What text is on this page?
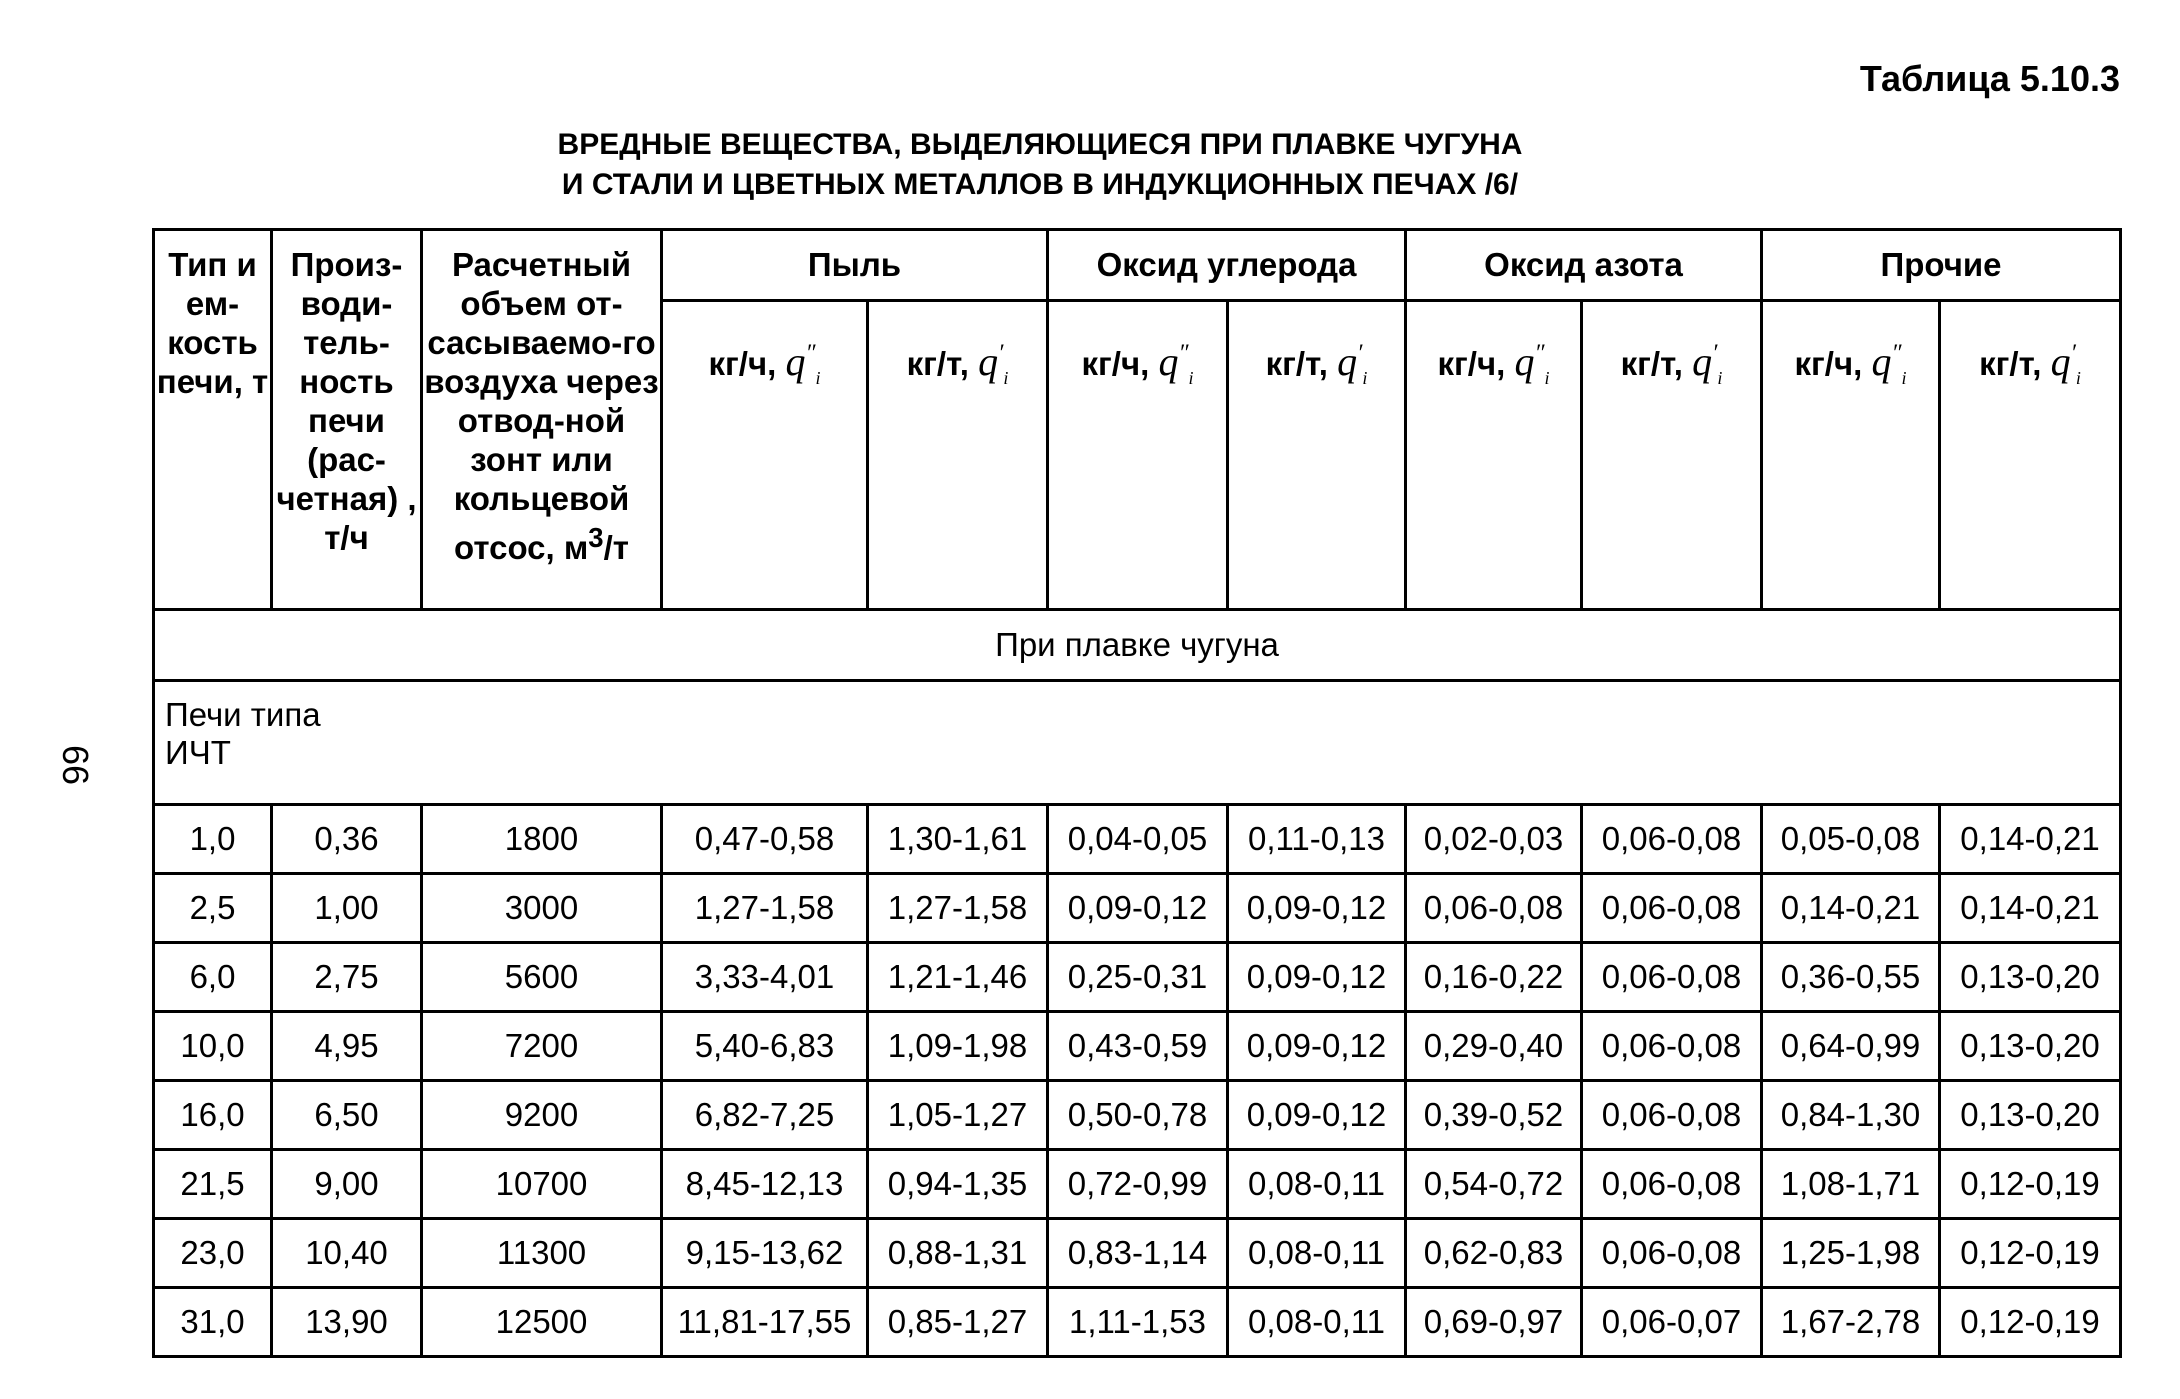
66
Таблица 5.10.3
ВРЕДНЫЕ ВЕЩЕСТВА, ВЫДЕЛЯЮЩИЕСЯ ПРИ ПЛАВКЕ ЧУГУНА
И СТАЛИ И ЦВЕТНЫХ МЕТАЛЛОВ В ИНДУКЦИОННЫХ ПЕЧАХ /6/
Тип и ем-кость печи, т	Произ-води-тель-ность печи (рас-четная) , т/ч	Расчетный объем от-сасываемо-го воздуха через отвод-ной зонт или кольцевой отсос, $м^3/т$	Пыль		Оксид углерода		Оксид азота		Прочие	
			кг/ч, $q''_i$	кг/т, $q'_i$	кг/ч, $q''_i$	кг/т, $q'_i$	кг/ч, $q''_i$	кг/т, $q'_i$	кг/ч, $q''_i$	кг/т, $q'_i$
При плавке чугуна										
Печи типа ИЧТ										
1,0	0,36	1800	0,47-0,58	1,30-1,61	0,04-0,05	0,11-0,13	0,02-0,03	0,06-0,08	0,05-0,08	0,14-0,21
2,5	1,00	3000	1,27-1,58	1,27-1,58	0,09-0,12	0,09-0,12	0,06-0,08	0,06-0,08	0,14-0,21	0,14-0,21
6,0	2,75	5600	3,33-4,01	1,21-1,46	0,25-0,31	0,09-0,12	0,16-0,22	0,06-0,08	0,36-0,55	0,13-0,20
10,0	4,95	7200	5,40-6,83	1,09-1,98	0,43-0,59	0,09-0,12	0,29-0,40	0,06-0,08	0,64-0,99	0,13-0,20
16,0	6,50	9200	6,82-7,25	1,05-1,27	0,50-0,78	0,09-0,12	0,39-0,52	0,06-0,08	0,84-1,30	0,13-0,20
21,5	9,00	10700	8,45-12,13	0,94-1,35	0,72-0,99	0,08-0,11	0,54-0,72	0,06-0,08	1,08-1,71	0,12-0,19
23,0	10,40	11300	9,15-13,62	0,88-1,31	0,83-1,14	0,08-0,11	0,62-0,83	0,06-0,08	1,25-1,98	0,12-0,19
31,0	13,90	12500	11,81-17,55	0,85-1,27	1,11-1,53	0,08-0,11	0,69-0,97	0,06-0,07	1,67-2,78	0,12-0,19
